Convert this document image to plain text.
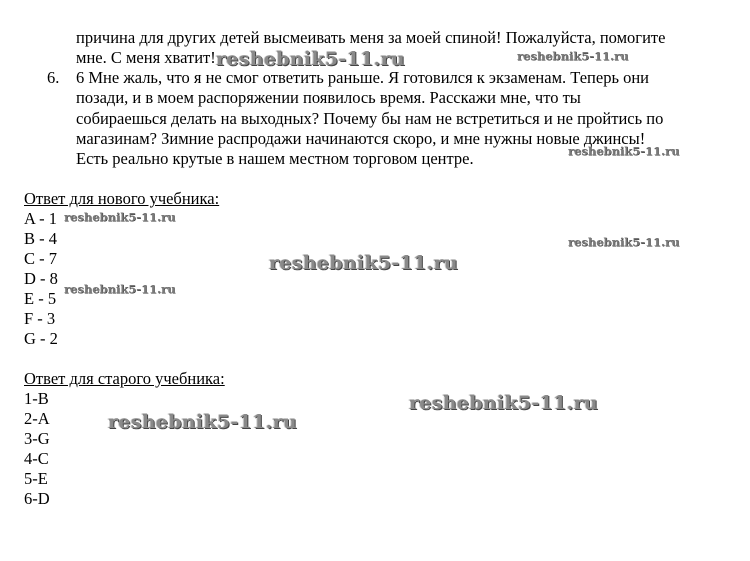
причина для других детей высмеивать меня за моей спиной! Пожалуйста, помогите
мне. С меня хватит!
6. 6 Мне жаль, что я не смог ответить раньше. Я готовился к экзаменам. Теперь они
позади, и в моем распоряжении появилось время. Расскажи мне, что ты
собираешься делать на выходных? Почему бы нам не встретиться и не пройтись по
магазинам? Зимние распродажи начинаются скоро, и мне нужны новые джинсы!
Есть реально крутые в нашем местном торговом центре.
Ответ для нового учебника:
A - 1
B - 4
C - 7
D - 8
E - 5
F - 3
G - 2
Ответ для старого учебника:
1-B
2-A
3-G
4-C
5-E
6-D
reshebnik5-11.ru	reshebnik5-11.ru
reshebnik5-11.ru
reshebnik5-11.ru
reshebnik5-11.ru
reshebnik5-11.ru
reshebnik5-11.ru
reshebnik5-11.ru
reshebnik5-11.ru
